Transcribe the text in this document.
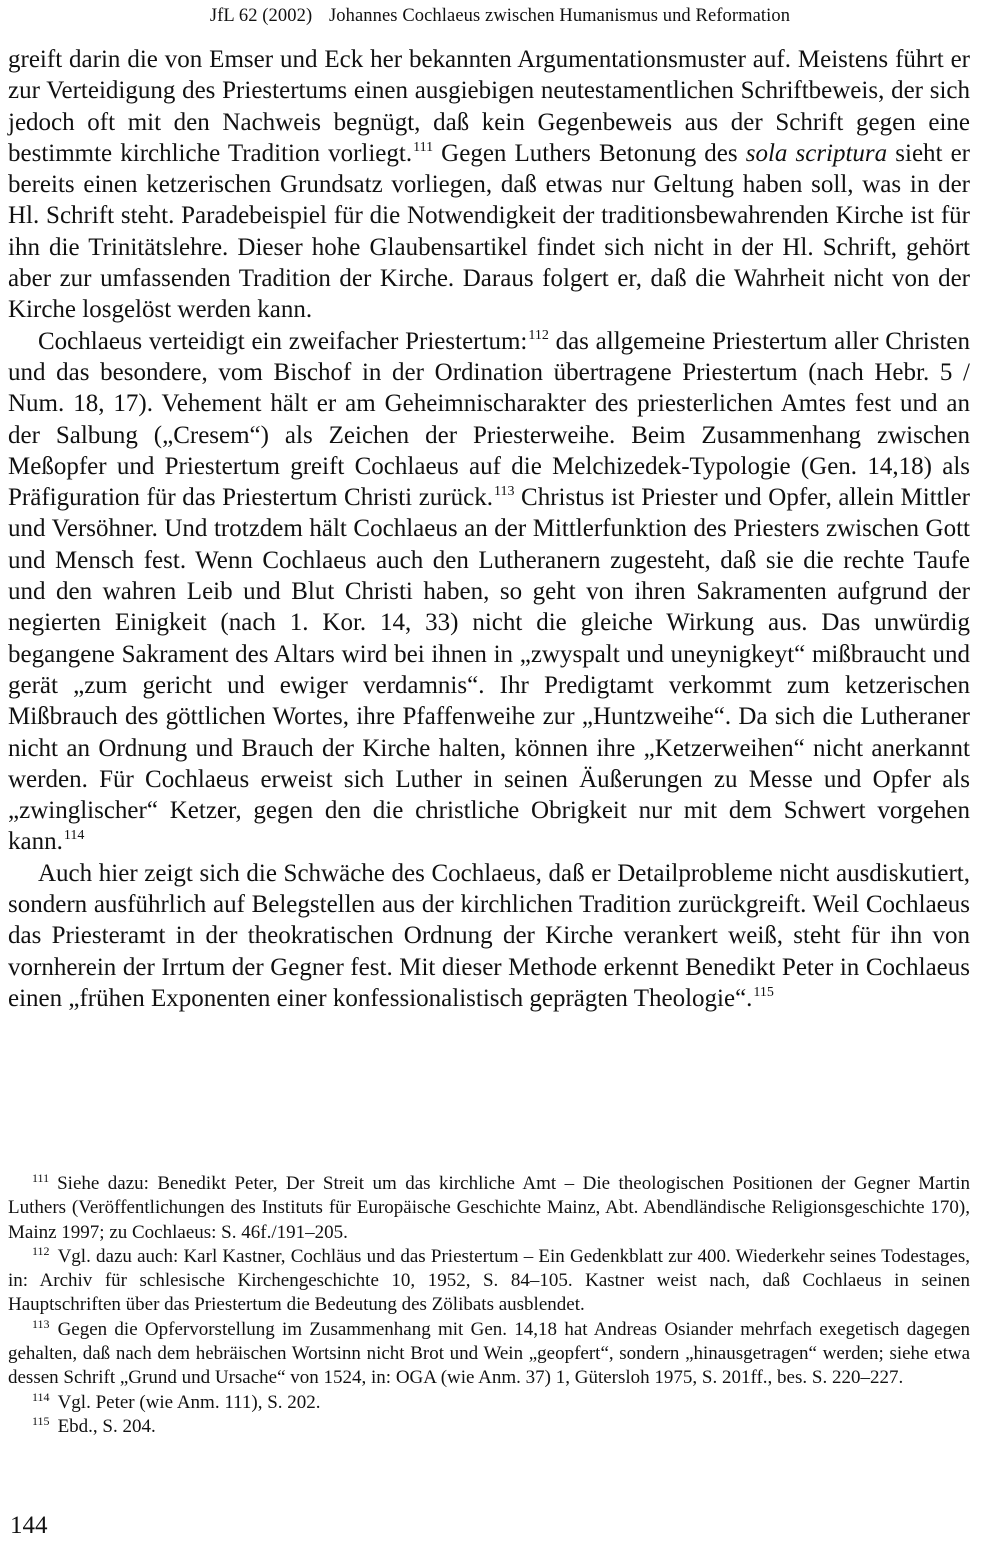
JfL 62 (2002) Johannes Cochlaeus zwischen Humanismus und Reformation

greift darin die von Emser und Eck her bekannten Argumentationsmuster auf. Meistens führt er zur Verteidigung des Priestertums einen ausgiebigen neutestamentlichen Schriftbeweis, der sich jedoch oft mit den Nachweis begnügt, daß kein Gegenbeweis aus der Schrift gegen eine bestimmte kirchliche Tradition vorliegt.$^{111}$ Gegen Luthers Betonung des sola scriptura sieht er bereits einen ketzerischen Grundsatz vorliegen, daß etwas nur Geltung haben soll, was in der Hl. Schrift steht. Paradebeispiel für die Notwendigkeit der traditionsbewahrenden Kirche ist für ihn die Trinitätslehre. Dieser hohe Glaubensartikel findet sich nicht in der Hl. Schrift, gehört aber zur umfassenden Tradition der Kirche. Daraus folgert er, daß die Wahrheit nicht von der Kirche losgelöst werden kann.

Cochlaeus verteidigt ein zweifacher Priestertum:$^{112}$ das allgemeine Priestertum aller Christen und das besondere, vom Bischof in der Ordination übertragene Priestertum (nach Hebr. 5 / Num. 18, 17). Vehement hält er am Geheimnischarakter des priesterlichen Amtes fest und an der Salbung („Cresem“) als Zeichen der Priesterweihe. Beim Zusammenhang zwischen Meßopfer und Priestertum greift Cochlaeus auf die Melchizedek-Typologie (Gen. 14,18) als Präfiguration für das Priestertum Christi zurück.$^{113}$ Christus ist Priester und Opfer, allein Mittler und Versöhner. Und trotzdem hält Cochlaeus an der Mittlerfunktion des Priesters zwischen Gott und Mensch fest. Wenn Cochlaeus auch den Lutheranern zugesteht, daß sie die rechte Taufe und den wahren Leib und Blut Christi haben, so geht von ihren Sakramenten aufgrund der negierten Einigkeit (nach 1. Kor. 14, 33) nicht die gleiche Wirkung aus. Das unwürdig begangene Sakrament des Altars wird bei ihnen in „zwyspalt und uneynigkeyt“ mißbraucht und gerät „zum gericht und ewiger verdamnis“. Ihr Predigtamt verkommt zum ketzerischen Mißbrauch des göttlichen Wortes, ihre Pfaffenweihe zur „Huntzweihe“. Da sich die Lutheraner nicht an Ordnung und Brauch der Kirche halten, können ihre „Ketzerweihen“ nicht anerkannt werden. Für Cochlaeus erweist sich Luther in seinen Äußerungen zu Messe und Opfer als „zwinglischer“ Ketzer, gegen den die christliche Obrigkeit nur mit dem Schwert vorgehen kann.$^{114}$

Auch hier zeigt sich die Schwäche des Cochlaeus, daß er Detailprobleme nicht ausdiskutiert, sondern ausführlich auf Belegstellen aus der kirchlichen Tradition zurückgreift. Weil Cochlaeus das Priesteramt in der theokratischen Ordnung der Kirche verankert weiß, steht für ihn von vornherein der Irrtum der Gegner fest. Mit dieser Methode erkennt Benedikt Peter in Cochlaeus einen „frühen Exponenten einer konfessionalistisch geprägten Theologie“.$^{115}$

$^{111}$ Siehe dazu: Benedikt Peter, Der Streit um das kirchliche Amt – Die theologischen Positionen der Gegner Martin Luthers (Veröffentlichungen des Instituts für Europäische Geschichte Mainz, Abt. Abendländische Religionsgeschichte 170), Mainz 1997; zu Cochlaeus: S. 46f./191–205.

$^{112}$ Vgl. dazu auch: Karl Kastner, Cochläus und das Priestertum – Ein Gedenkblatt zur 400. Wiederkehr seines Todestages, in: Archiv für schlesische Kirchengeschichte 10, 1952, S. 84–105. Kastner weist nach, daß Cochlaeus in seinen Hauptschriften über das Priestertum die Bedeutung des Zölibats ausblendet.

$^{113}$ Gegen die Opfervorstellung im Zusammenhang mit Gen. 14,18 hat Andreas Osiander mehrfach exegetisch dagegen gehalten, daß nach dem hebräischen Wortsinn nicht Brot und Wein „geopfert“, sondern „hinausgetragen“ werden; siehe etwa dessen Schrift „Grund und Ursache“ von 1524, in: OGA (wie Anm. 37) 1, Gütersloh 1975, S. 201ff., bes. S. 220–227.

$^{114}$ Vgl. Peter (wie Anm. 111), S. 202.

$^{115}$ Ebd., S. 204.

144
